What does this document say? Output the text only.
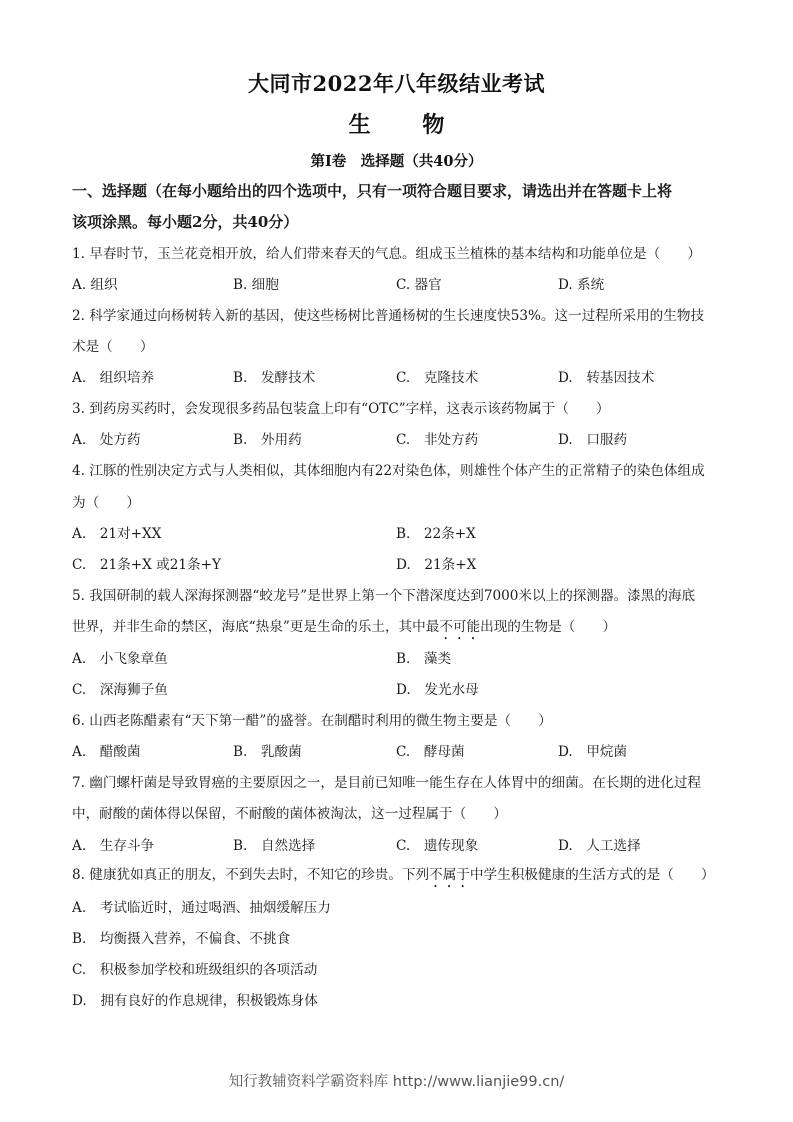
大同市2022年八年级结业考试
生 物
第Ⅰ卷　选择题（共40分）
一、选择题（在每小题给出的四个选项中，只有一项符合题目要求，请选出并在答题卡上将
该项涂黑。每小题2分，共40分）
1. 早春时节，玉兰花竞相开放，给人们带来春天的气息。组成玉兰植株的基本结构和功能单位是（　　）
A. 组织	B. 细胞	C. 器官	D. 系统
2. 科学家通过向杨树转入新的基因，使这些杨树比普通杨树的生长速度快53%。这一过程所采用的生物技
术是（　　）
A.　组织培养	B.　发酵技术	C.　克隆技术	D.　转基因技术
3. 到药房买药时，会发现很多药品包装盒上印有“OTC”字样，这表示该药物属于（　　）
A.　处方药	B.　外用药	C.　非处方药	D.　口服药
4. 江豚的性别决定方式与人类相似，其体细胞内有22对染色体，则雄性个体产生的正常精子的染色体组成
为（　　）
A.　21对+XX	B.　22条+X
C.　21条+X 或21条+Y	D.　21条+X
5. 我国研制的载人深海探测器“蛟龙号”是世界上第一个下潜深度达到7000米以上的探测器。漆黑的海底
世界，并非生命的禁区，海底“热泉”更是生命的乐土，其中最不可能出现的生物是（　　）
A.　小飞象章鱼	B.　藻类
C.　深海狮子鱼	D.　发光水母
6. 山西老陈醋素有“天下第一醋”的盛誉。在制醋时利用的微生物主要是（　　）
A.　醋酸菌	B.　乳酸菌	C.　酵母菌	D.　甲烷菌
7. 幽门螺杆菌是导致胃癌的主要原因之一，是目前已知唯一能生存在人体胃中的细菌。在长期的进化过程
中，耐酸的菌体得以保留，不耐酸的菌体被淘汰，这一过程属于（　　）
A.　生存斗争	B.　自然选择	C.　遗传现象	D.　人工选择
8. 健康犹如真正的朋友，不到失去时，不知它的珍贵。下列不属于中学生积极健康的生活方式的是（　　）
A.　考试临近时，通过喝酒、抽烟缓解压力
B.　均衡摄入营养，不偏食、不挑食
C.　积极参加学校和班级组织的各项活动
D.　拥有良好的作息规律，积极锻炼身体
知行教辅资料学霸资料库 http://www.lianjie99.cn/
